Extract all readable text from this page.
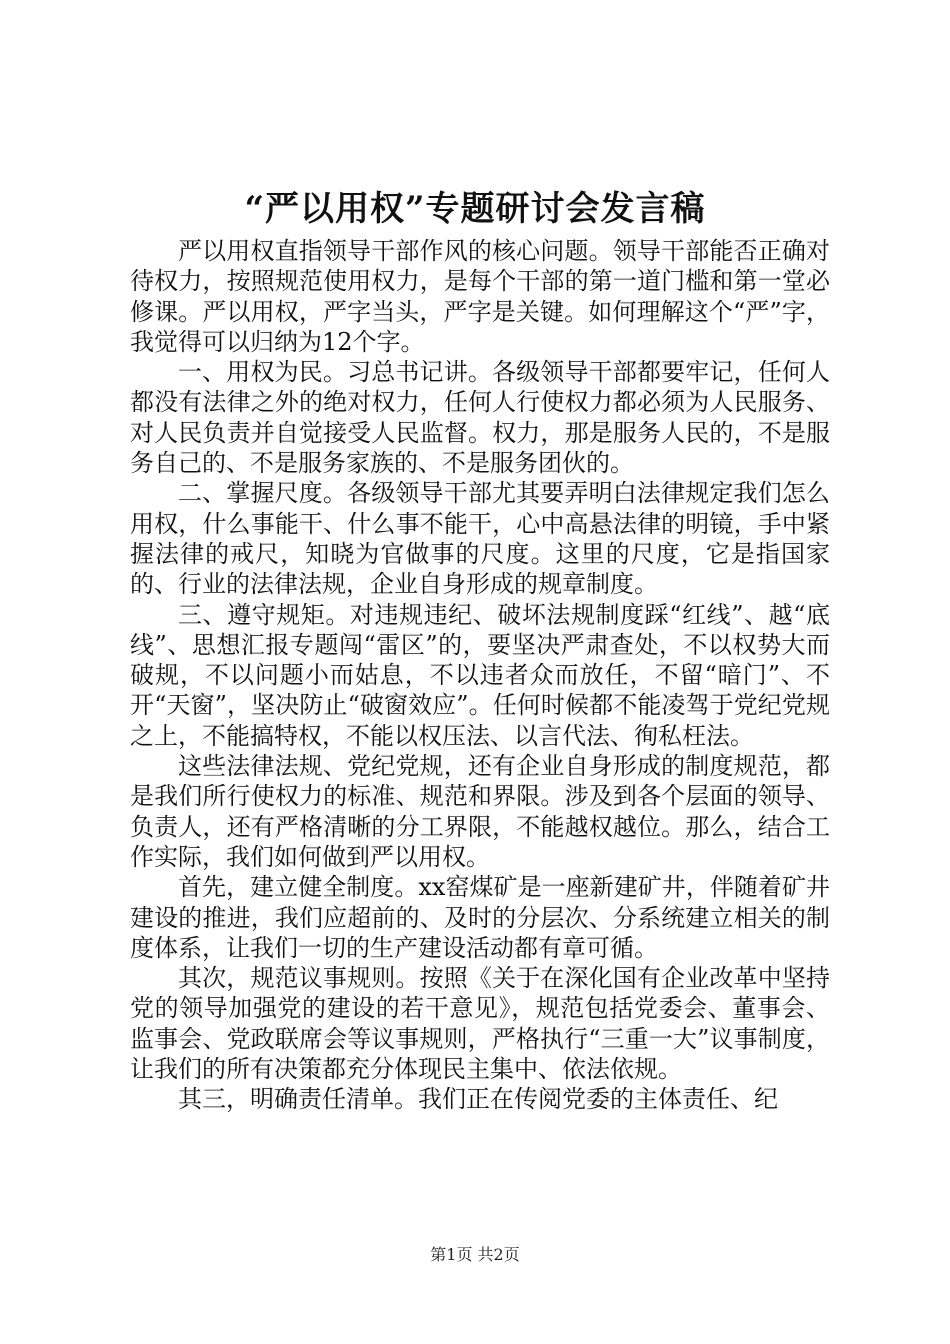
“严以用权”专题研讨会发言稿

严以用权直指领导干部作风的核心问题。领导干部能否正确对待权力，按照规范使用权力，是每个干部的第一道门槛和第一堂必修课。严以用权，严字当头，严字是关键。如何理解这个“严”字，我觉得可以归纳为12个字。

一、用权为民。习总书记讲。各级领导干部都要牢记，任何人都没有法律之外的绝对权力，任何人行使权力都必须为人民服务、对人民负责并自觉接受人民监督。权力，那是服务人民的，不是服务自己的、不是服务家族的、不是服务团伙的。

二、掌握尺度。各级领导干部尤其要弄明白法律规定我们怎么用权，什么事能干、什么事不能干，心中高悬法律的明镜，手中紧握法律的戒尺，知晓为官做事的尺度。这里的尺度，它是指国家的、行业的法律法规，企业自身形成的规章制度。

三、遵守规矩。对违规违纪、破坏法规制度踩“红线”、越“底线”、思想汇报专题闯“雷区”的，要坚决严肃查处，不以权势大而破规，不以问题小而姑息，不以违者众而放任，不留“暗门”、不开“天窗”，坚决防止“破窗效应”。任何时候都不能凌驾于党纪党规之上，不能搞特权，不能以权压法、以言代法、徇私枉法。

这些法律法规、党纪党规，还有企业自身形成的制度规范，都是我们所行使权力的标准、规范和界限。涉及到各个层面的领导、负责人，还有严格清晰的分工界限，不能越权越位。那么，结合工作实际，我们如何做到严以用权。

首先，建立健全制度。xx窑煤矿是一座新建矿井，伴随着矿井建设的推进，我们应超前的、及时的分层次、分系统建立相关的制度体系，让我们一切的生产建设活动都有章可循。

其次，规范议事规则。按照《关于在深化国有企业改革中坚持党的领导加强党的建设的若干意见》，规范包括党委会、董事会、监事会、党政联席会等议事规则，严格执行“三重一大”议事制度，让我们的所有决策都充分体现民主集中、依法依规。

其三，明确责任清单。我们正在传阅党委的主体责任、纪

第1页 共2页
